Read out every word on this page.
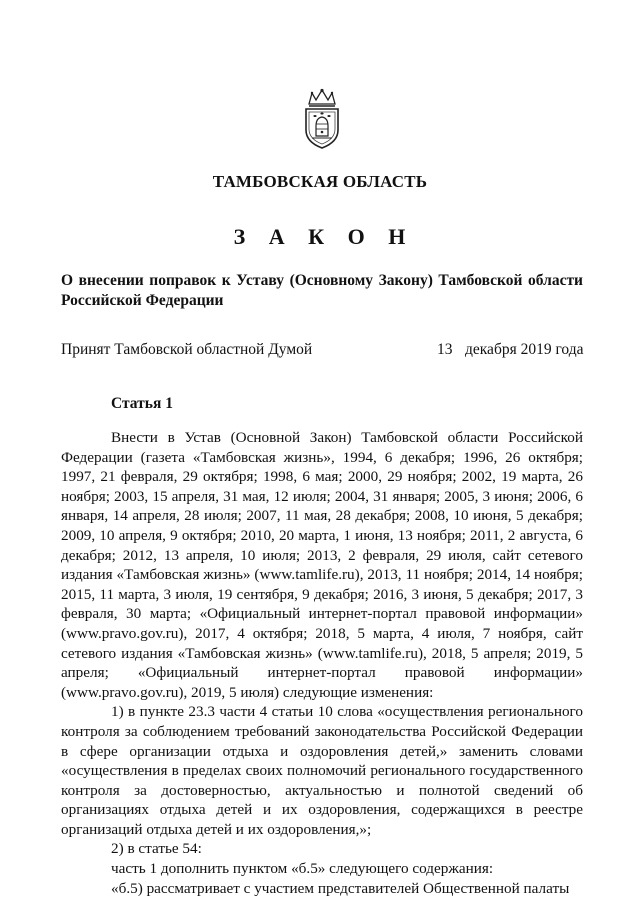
ТАМБОВСКАЯ ОБЛАСТЬ
З А К О Н
О внесении поправок к Уставу (Основному Закону) Тамбовской области Российской Федерации
Принят Тамбовской областной Думой	13 декабря 2019 года
Статья 1

Внести в Устав (Основной Закон) Тамбовской области Российской Федерации (газета «Тамбовская жизнь», 1994, 6 декабря; 1996, 26 октября; 1997, 21 февраля, 29 октября; 1998, 6 мая; 2000, 29 ноября; 2002, 19 марта, 26 ноября; 2003, 15 апреля, 31 мая, 12 июля; 2004, 31 января; 2005, 3 июня; 2006, 6 января, 14 апреля, 28 июля; 2007, 11 мая, 28 декабря; 2008, 10 июня, 5 декабря; 2009, 10 апреля, 9 октября; 2010, 20 марта, 1 июня, 13 ноября; 2011, 2 августа, 6 декабря; 2012, 13 апреля, 10 июля; 2013, 2 февраля, 29 июля, сайт сетевого издания «Тамбовская жизнь» (www.tamlife.ru), 2013, 11 ноября; 2014, 14 ноября; 2015, 11 марта, 3 июля, 19 сентября, 9 декабря; 2016, 3 июня, 5 декабря; 2017, 3 февраля, 30 марта; «Официальный интернет-портал правовой информации» (www.pravo.gov.ru), 2017, 4 октября; 2018, 5 марта, 4 июля, 7 ноября, сайт сетевого издания «Тамбовская жизнь» (www.tamlife.ru), 2018, 5 апреля; 2019, 5 апреля; «Официальный интернет-портал правовой информации» (www.pravo.gov.ru), 2019, 5 июля) следующие изменения:

1) в пункте 23.3 части 4 статьи 10 слова «осуществления регионального контроля за соблюдением требований законодательства Российской Федерации в сфере организации отдыха и оздоровления детей,» заменить словами «осуществления в пределах своих полномочий регионального государственного контроля за достоверностью, актуальностью и полнотой сведений об организациях отдыха детей и их оздоровления, содержащихся в реестре организаций отдыха детей и их оздоровления,»;

2) в статье 54:

часть 1 дополнить пунктом «б.5» следующего содержания:

«б.5) рассматривает с участием представителей Общественной палаты
